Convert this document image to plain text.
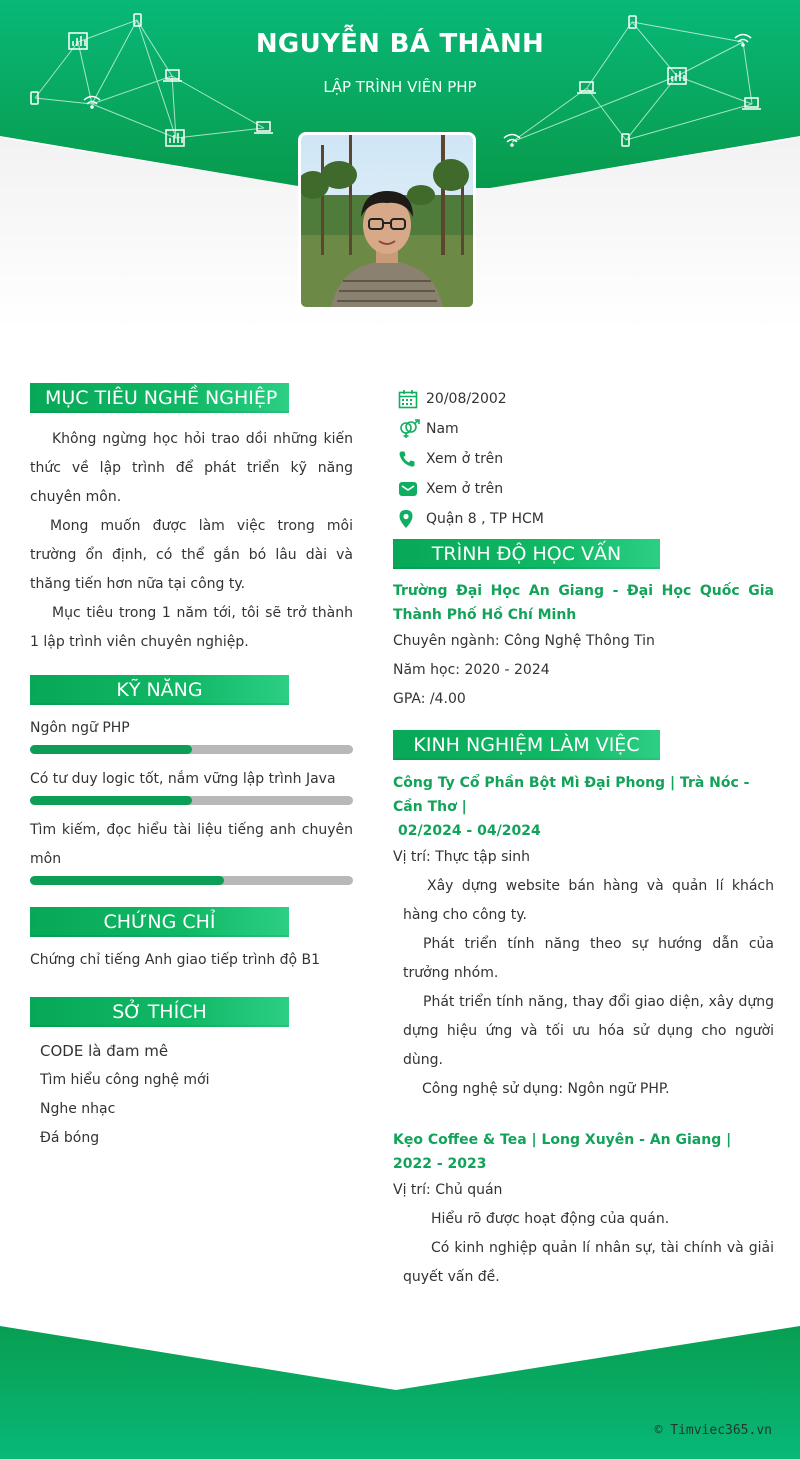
NGUYỄN BÁ THÀNH
LẬP TRÌNH VIÊN PHP
MỤC TIÊU NGHỀ NGHIỆP

Không ngừng học hỏi trao dồi những kiến thức về lập trình để phát triển kỹ năng chuyên môn.

Mong muốn được làm việc trong môi trường ổn định, có thể gắn bó lâu dài và thăng tiến hơn nữa tại công ty.

Mục tiêu trong 1 năm tới, tôi sẽ trở thành 1 lập trình viên chuyên nghiệp.

KỸ NĂNG

Ngôn ngữ PHP

Có tư duy logic tốt, nắm vững lập trình Java

Tìm kiếm, đọc hiểu tài liệu tiếng anh chuyên môn

CHỨNG CHỈ

Chứng chỉ tiếng Anh giao tiếp trình độ B1

SỞ THÍCH

CODE là đam mê

Tìm hiểu công nghệ mới

Nghe nhạc

Đá bóng

20/08/2002
Nam
Xem ở trên
Xem ở trên
Quận 8 , TP HCM
TRÌNH ĐỘ HỌC VẤN

Trường Đại Học An Giang - Đại Học Quốc Gia Thành Phố Hồ Chí Minh

Chuyên ngành: Công Nghệ Thông Tin

Năm học: 2020 - 2024

GPA: /4.00

KINH NGHIỆM LÀM VIỆC

Công Ty Cổ Phần Bột Mì Đại Phong | Trà Nóc - Cần Thơ |

02/2024 - 04/2024

Vị trí: Thực tập sinh

Xây dựng website bán hàng và quản lí khách hàng cho công ty.

Phát triển tính năng theo sự hướng dẫn của trưởng nhóm.

Phát triển tính năng, thay đổi giao diện, xây dựng dựng hiệu ứng và tối ưu hóa sử dụng cho người dùng.

Công nghệ sử dụng: Ngôn ngữ PHP.

Kẹo Coffee & Tea | Long Xuyên - An Giang |

2022 - 2023

Vị trí: Chủ quán

Hiểu rõ được hoạt động của quán.

Có kinh nghiệp quản lí nhân sự, tài chính và giải quyết vấn đề.

© Timviec365.vn
